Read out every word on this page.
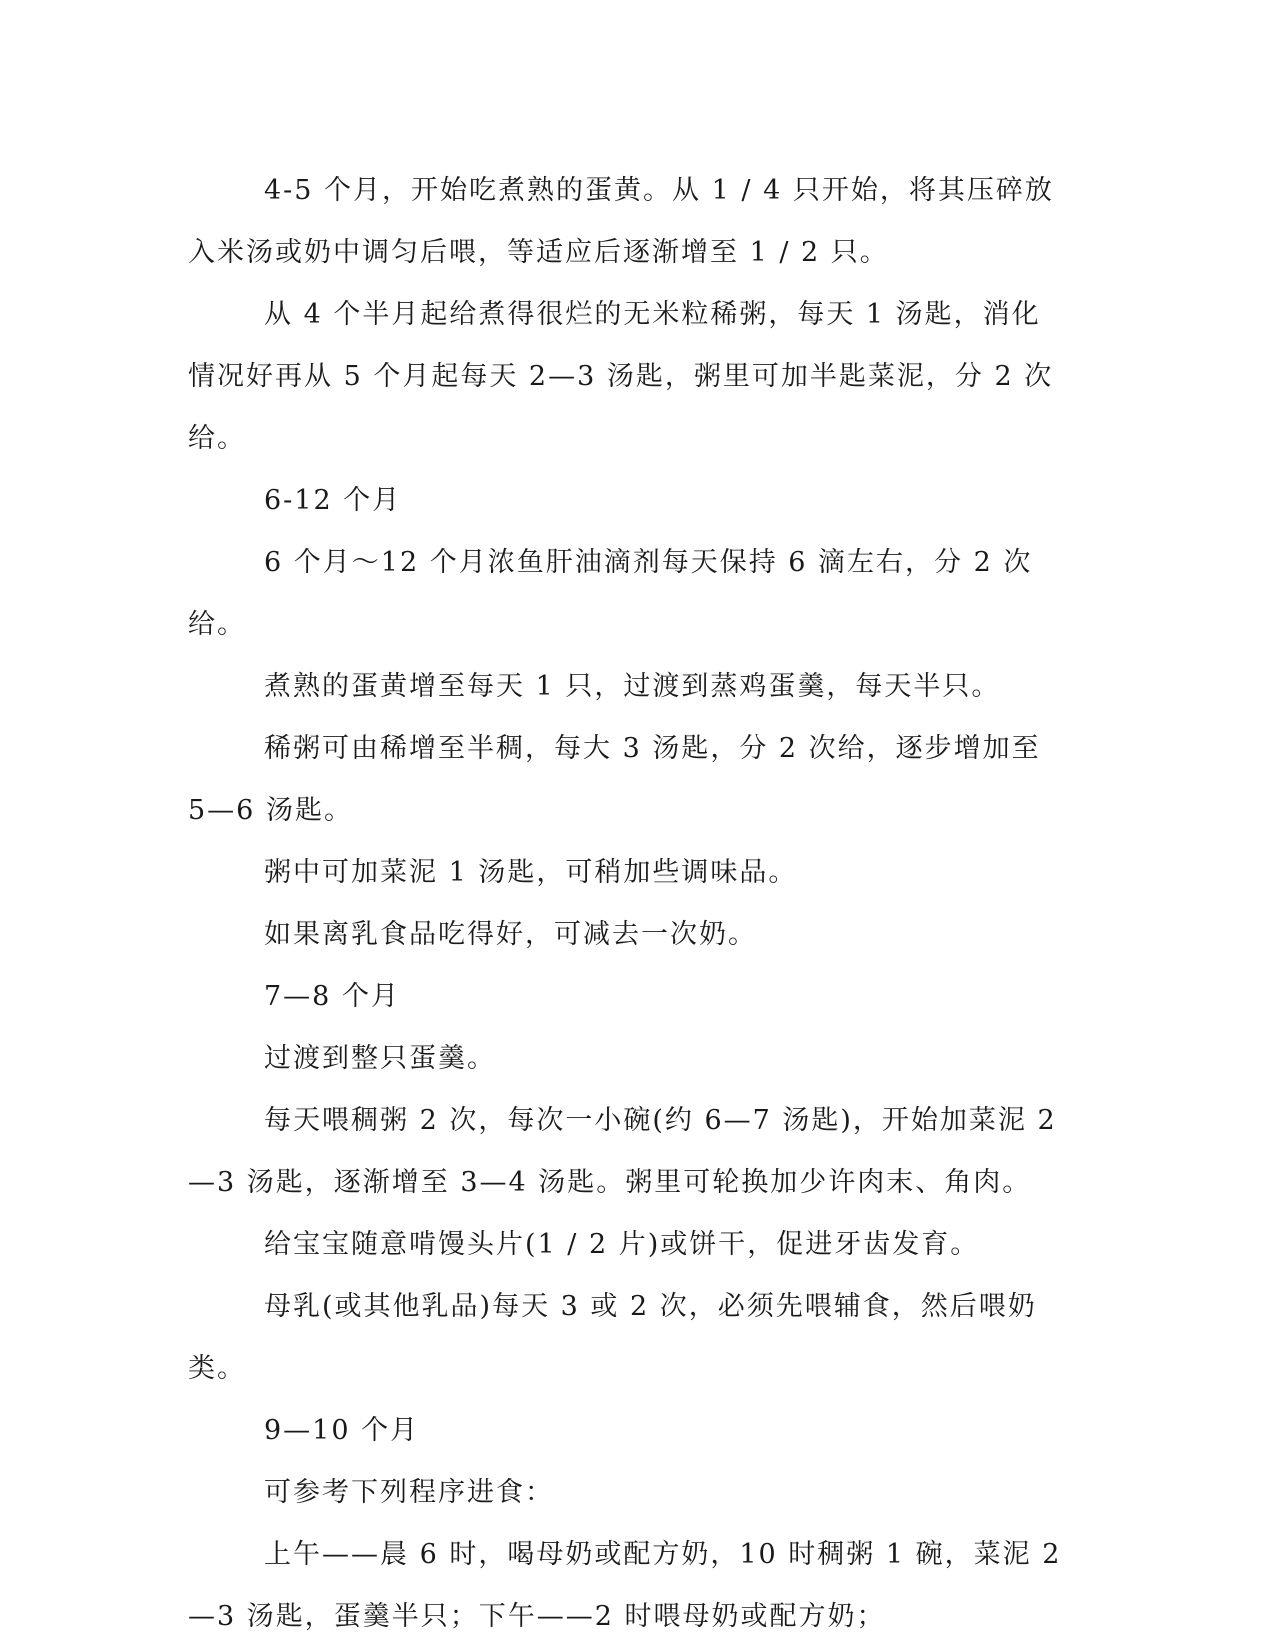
4-5 个月，开始吃煮熟的蛋黄。从 1 / 4 只开始，将其压碎放入米汤或奶中调匀后喂，等适应后逐渐增至 1 / 2 只。

从 4 个半月起给煮得很烂的无米粒稀粥，每天 1 汤匙，消化情况好再从 5 个月起每天 2—3 汤匙，粥里可加半匙菜泥，分 2 次给。

6-12 个月

6 个月～12 个月浓鱼肝油滴剂每天保持 6 滴左右，分 2 次给。

煮熟的蛋黄增至每天 1 只，过渡到蒸鸡蛋羹，每天半只。

稀粥可由稀增至半稠，每大 3 汤匙，分 2 次给，逐步增加至 5—6 汤匙。

粥中可加菜泥 1 汤匙，可稍加些调味品。

如果离乳食品吃得好，可减去一次奶。

7—8 个月

过渡到整只蛋羹。

每天喂稠粥 2 次，每次一小碗(约 6—7 汤匙)，开始加菜泥 2—3 汤匙，逐渐增至 3—4 汤匙。粥里可轮换加少许肉末、角肉。

给宝宝随意啃馒头片(1 / 2 片)或饼干，促进牙齿发育。

母乳(或其他乳品)每天 3 或 2 次，必须先喂辅食，然后喂奶类。

9—10 个月

可参考下列程序进食：

上午——晨 6 时，喝母奶或配方奶，10 时稠粥 1 碗，菜泥 2—3 汤匙，蛋羹半只；下午——2 时喂母奶或配方奶；
